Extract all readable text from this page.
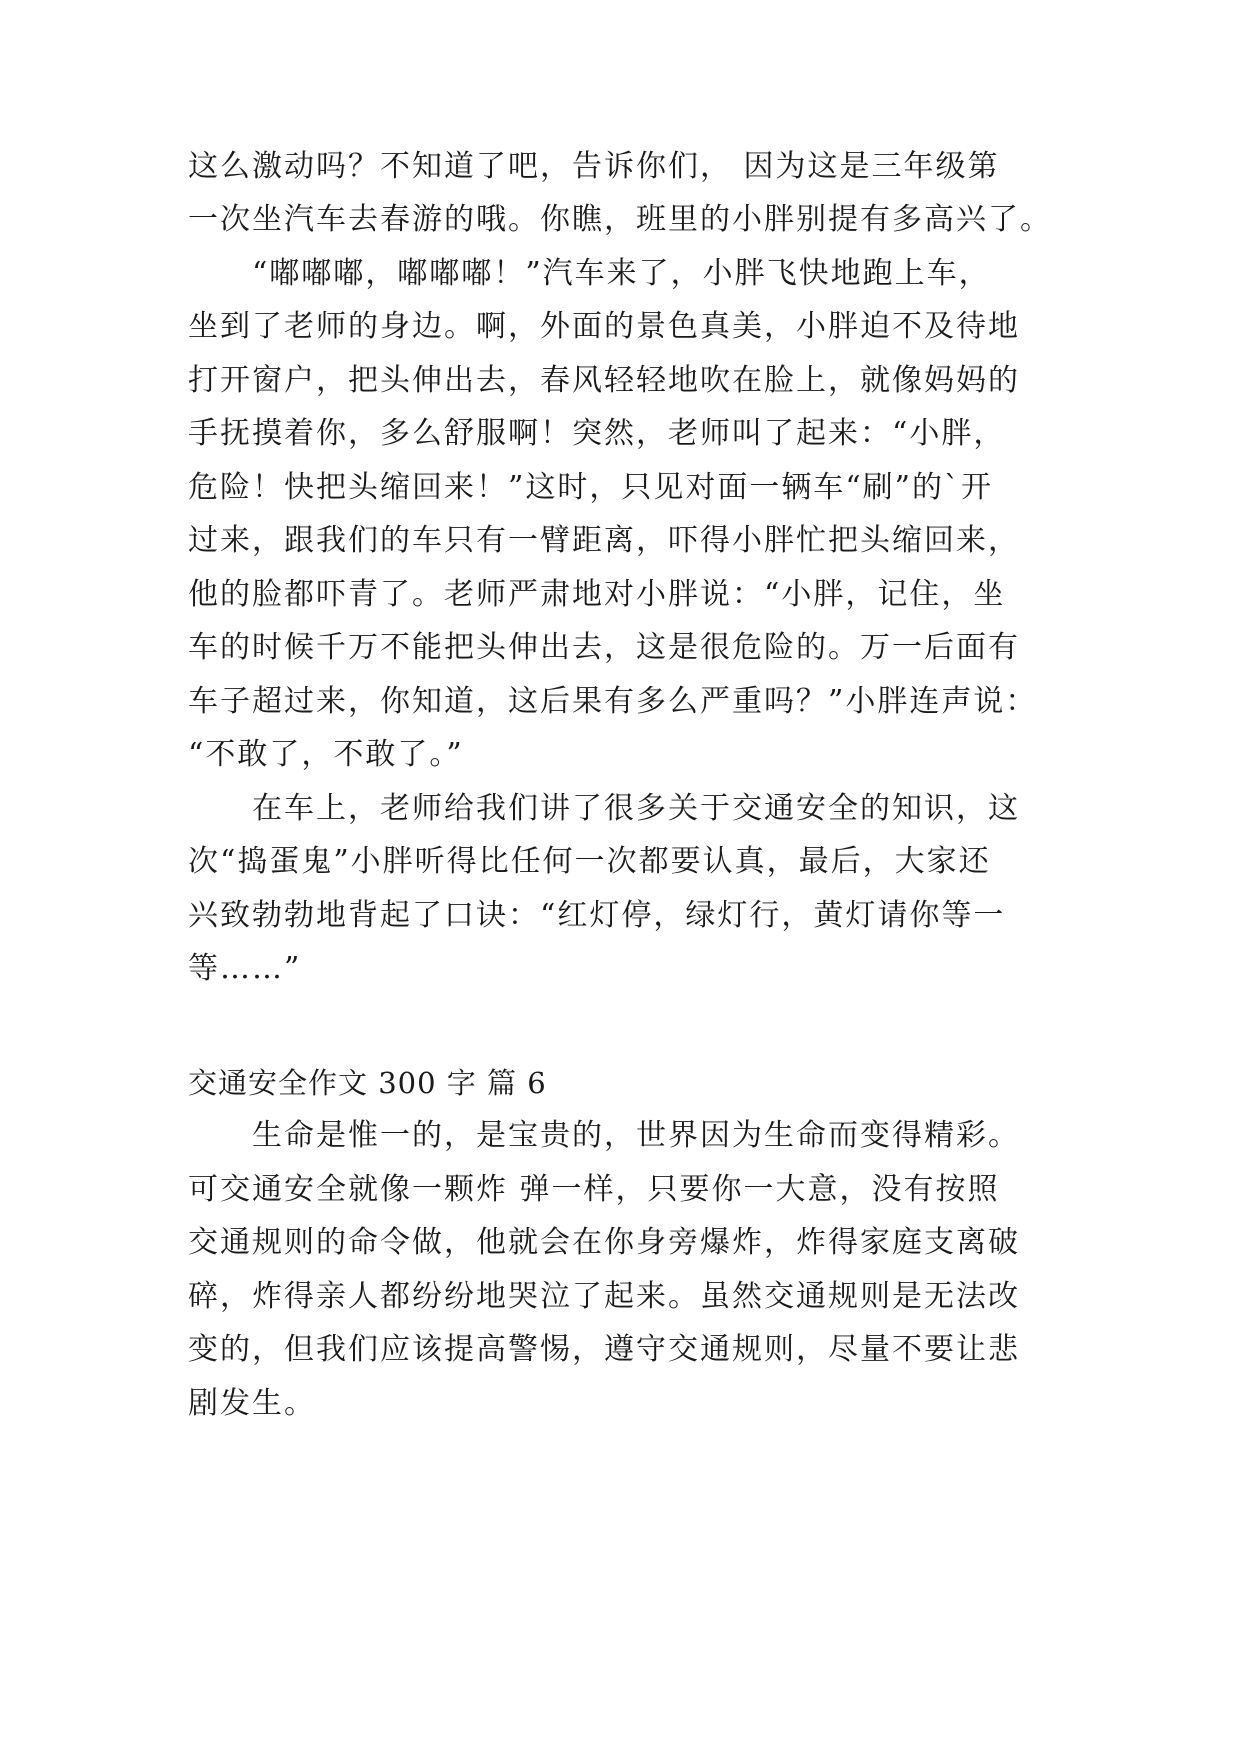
这么激动吗？不知道了吧，告诉你们， 因为这是三年级第
一次坐汽车去春游的哦。你瞧，班里的小胖别提有多高兴了。
　　“嘟嘟嘟，嘟嘟嘟！”汽车来了，小胖飞快地跑上车，
坐到了老师的身边。啊，外面的景色真美，小胖迫不及待地
打开窗户，把头伸出去，春风轻轻地吹在脸上，就像妈妈的
手抚摸着你，多么舒服啊！突然，老师叫了起来：“小胖，
危险！快把头缩回来！”这时，只见对面一辆车“刷”的`开
过来，跟我们的车只有一臂距离，吓得小胖忙把头缩回来，
他的脸都吓青了。老师严肃地对小胖说：“小胖，记住，坐
车的时候千万不能把头伸出去，这是很危险的。万一后面有
车子超过来，你知道，这后果有多么严重吗？”小胖连声说：
“不敢了，不敢了。”
　　在车上，老师给我们讲了很多关于交通安全的知识，这
次“捣蛋鬼”小胖听得比任何一次都要认真，最后，大家还
兴致勃勃地背起了口诀：“红灯停，绿灯行，黄灯请你等一
等……”
交通安全作文 300 字 篇 6
　　生命是惟一的，是宝贵的，世界因为生命而变得精彩。
可交通安全就像一颗炸 弹一样，只要你一大意，没有按照
交通规则的命令做，他就会在你身旁爆炸，炸得家庭支离破
碎，炸得亲人都纷纷地哭泣了起来。虽然交通规则是无法改
变的，但我们应该提高警惕，遵守交通规则，尽量不要让悲
剧发生。
